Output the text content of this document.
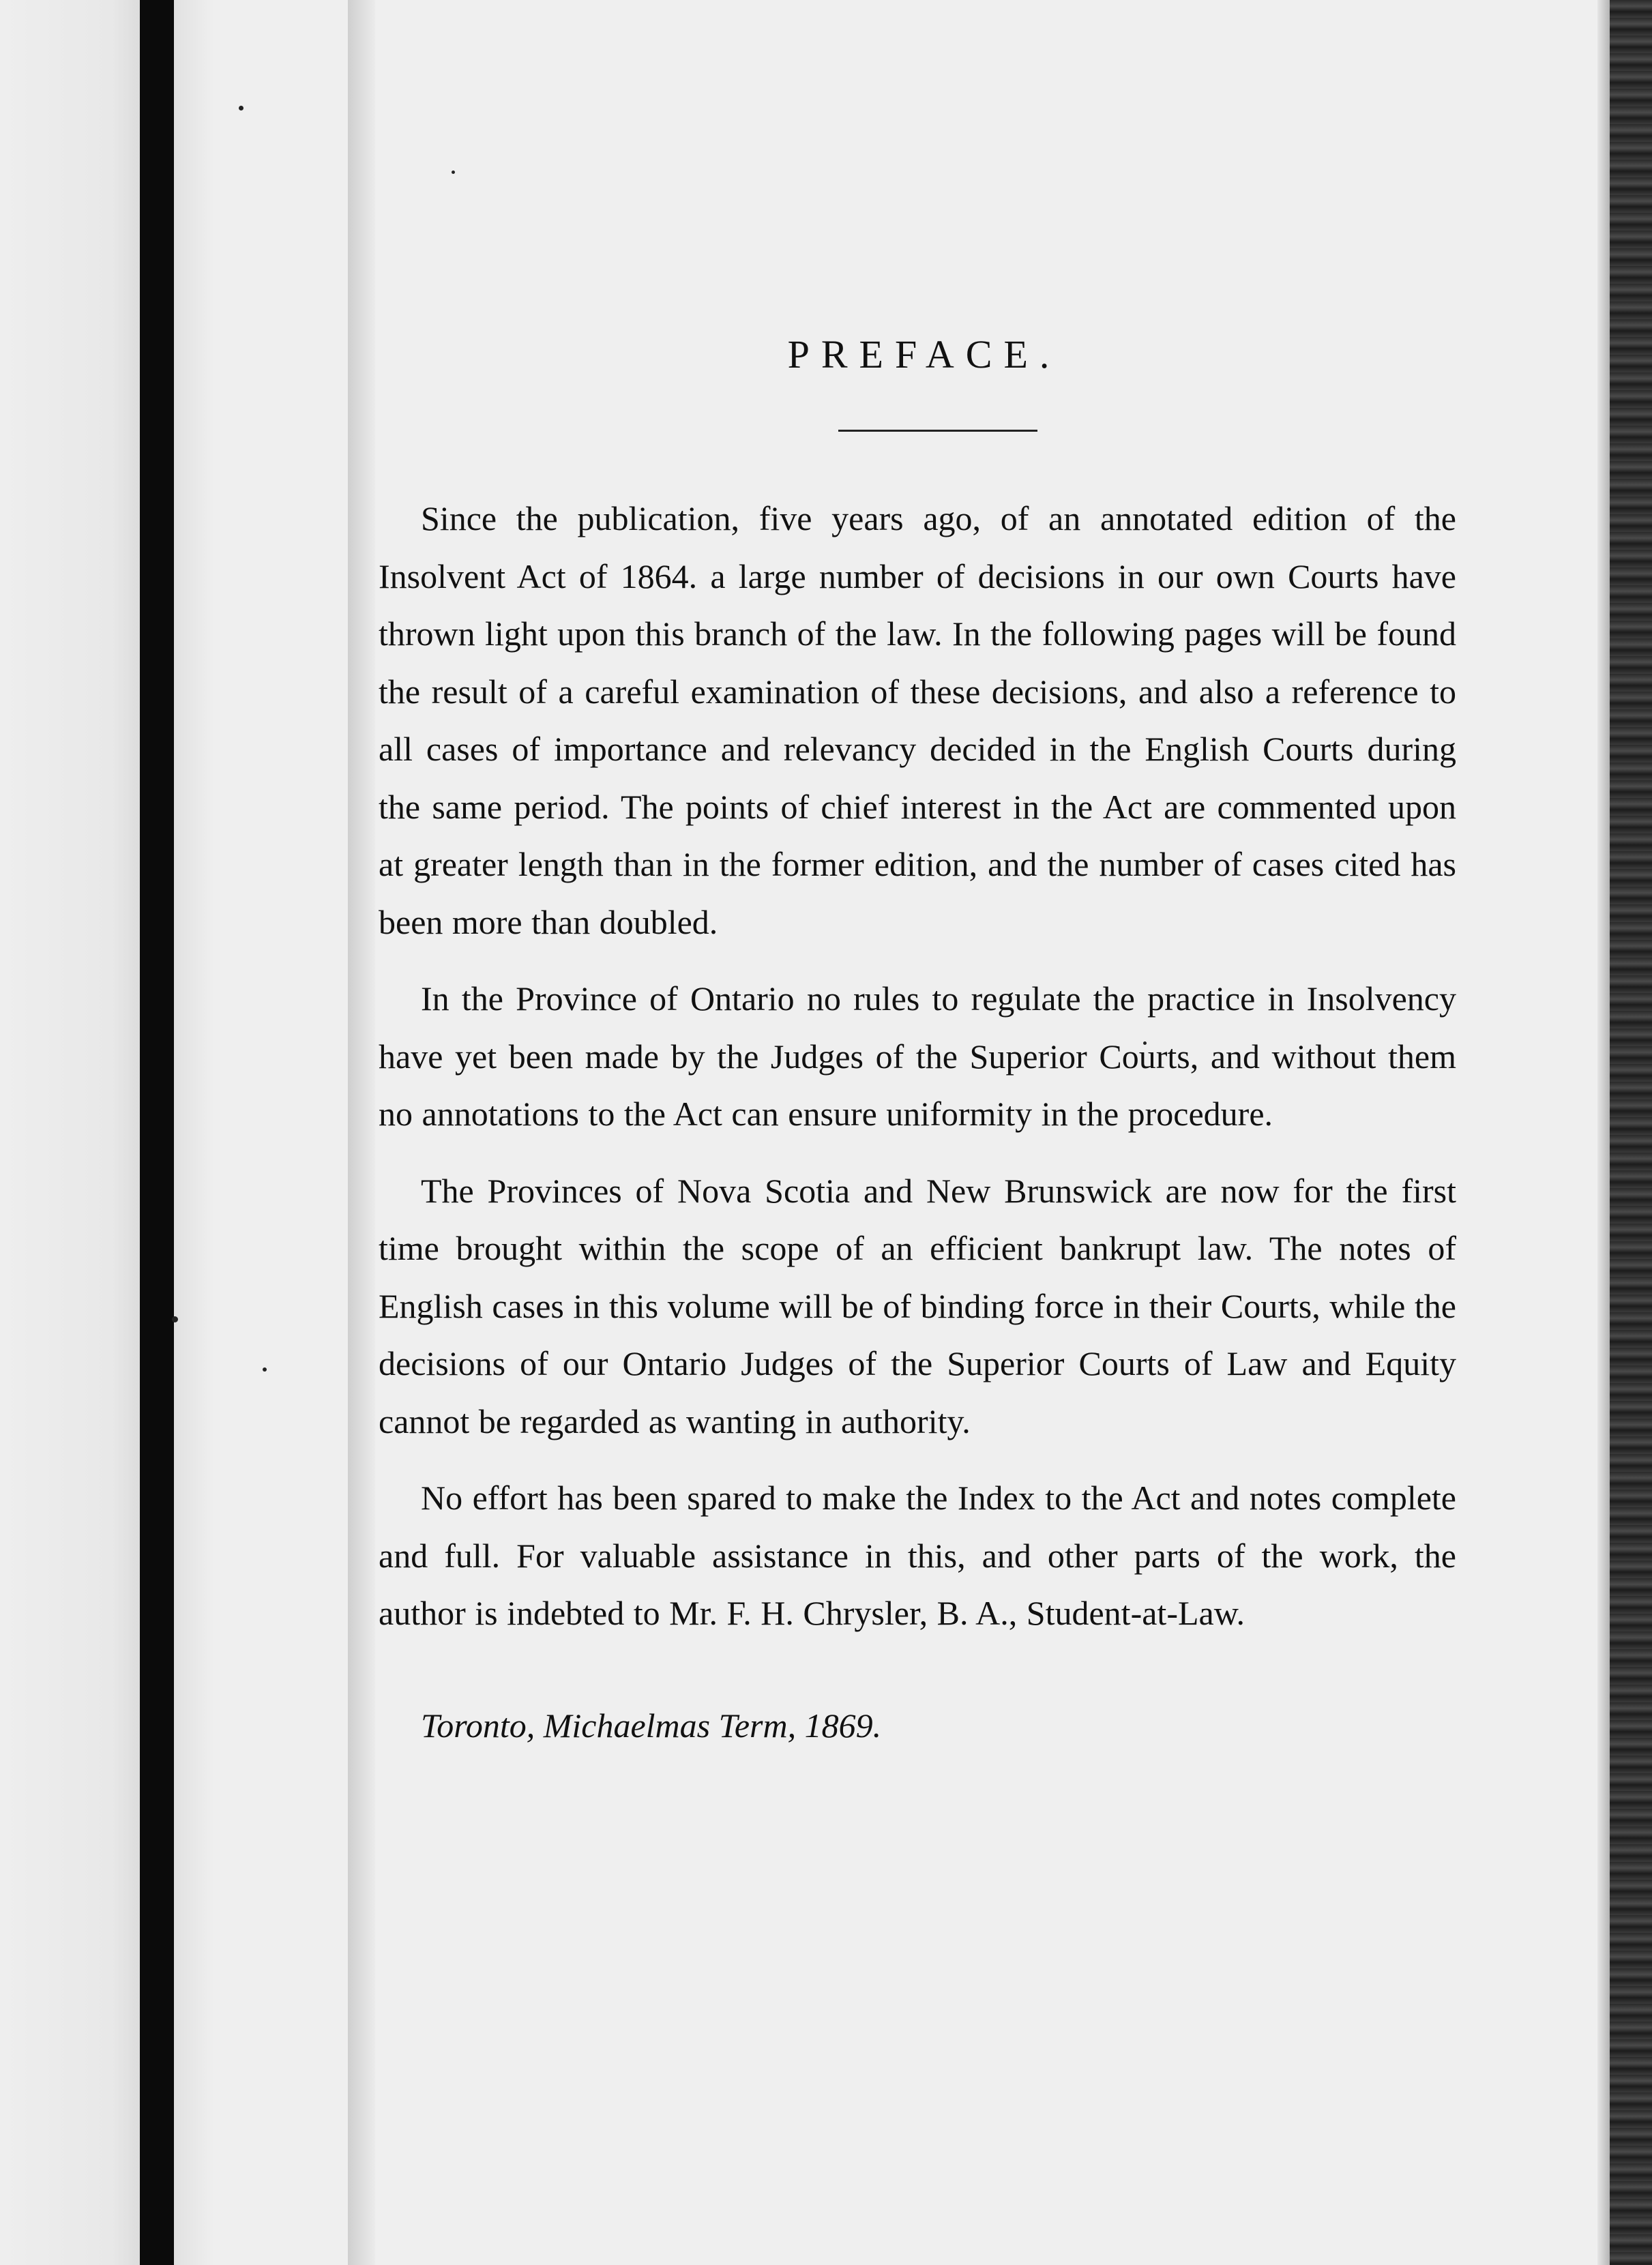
PREFACE.

Since the publication, five years ago, of an annotated edition of the Insolvent Act of 1864. a large number of decisions in our own Courts have thrown light upon this branch of the law. In the following pages will be found the result of a careful examination of these decisions, and also a reference to all cases of importance and relevancy decided in the English Courts during the same period. The points of chief interest in the Act are commented upon at greater length than in the former edition, and the number of cases cited has been more than doubled.

In the Province of Ontario no rules to regulate the practice in Insolvency have yet been made by the Judges of the Superior Courts, and without them no annotations to the Act can ensure uniformity in the procedure.

The Provinces of Nova Scotia and New Brunswick are now for the first time brought within the scope of an efficient bankrupt law. The notes of English cases in this volume will be of binding force in their Courts, while the decisions of our Ontario Judges of the Superior Courts of Law and Equity cannot be regarded as wanting in authority.

No effort has been spared to make the Index to the Act and notes complete and full. For valuable assistance in this, and other parts of the work, the author is indebted to Mr. F. H. Chrysler, B. A., Student-at-Law.

Toronto, Michaelmas Term, 1869.
